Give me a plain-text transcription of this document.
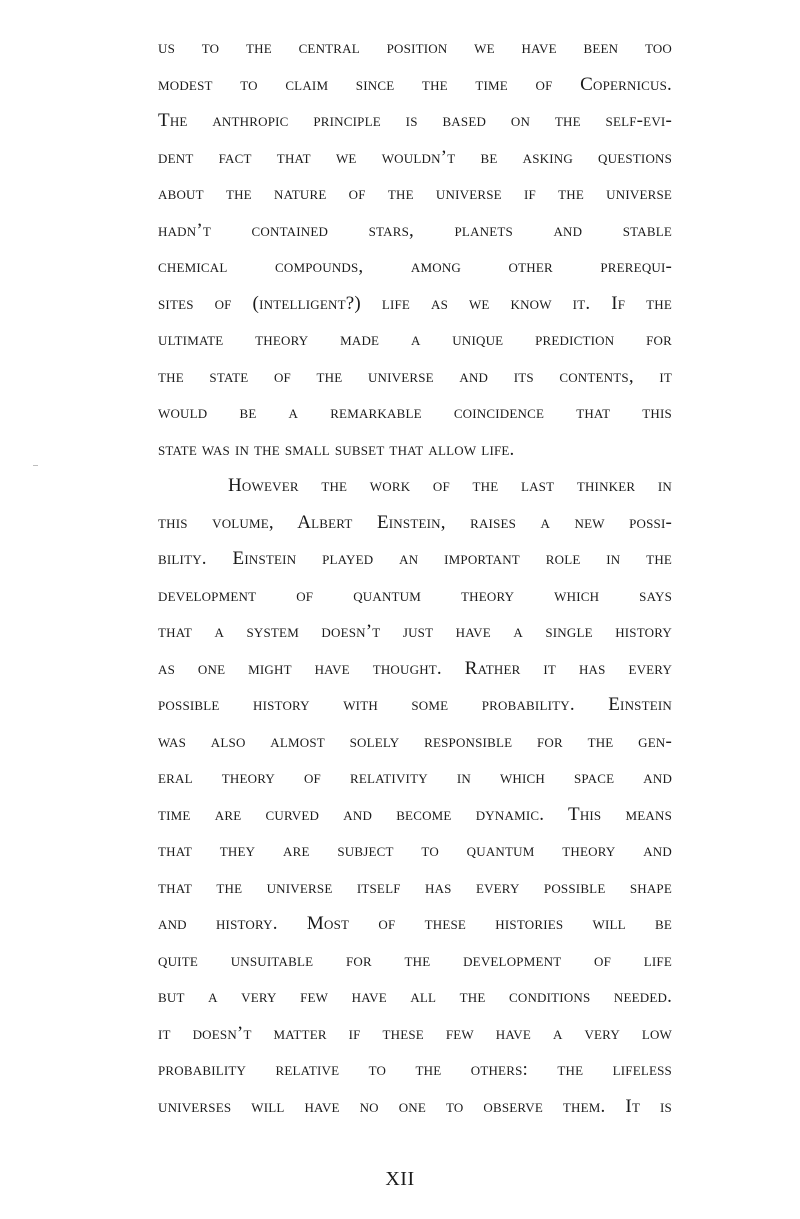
us to the central position we have been too
modest to claim since the time of Copernicus.
The anthropic principle is based on the self-evi-
dent fact that we wouldn’t be asking questions
about the nature of the universe if the universe
hadn’t contained stars, planets and stable
chemical	compounds,	among	other	prerequi-
sites of (intelligent?) life as we know it. If the
ultimate theory made a unique prediction for
the state of the universe and its contents, it
would be a remarkable coincidence that this
state was in the small subset that allow life.
However the work of the last thinker in
this volume, Albert Einstein, raises a new possi-
bility. Einstein played an important role in the
development of quantum theory which says
that a system doesn’t just have a single history
as one might have thought. Rather it has every
possible history with some probability. Einstein
was also almost solely responsible for the gen-
eral theory of relativity in which space and
time are curved and become dynamic. This means
that they are subject to quantum theory and
that the universe itself has every possible shape
and history. Most of these histories will be
quite unsuitable for the development of life
but a very few have all the conditions needed.
it doesn’t matter if these few have a very low
probability relative to the others: the lifeless
universes will have no one to observe them. It is
XII
